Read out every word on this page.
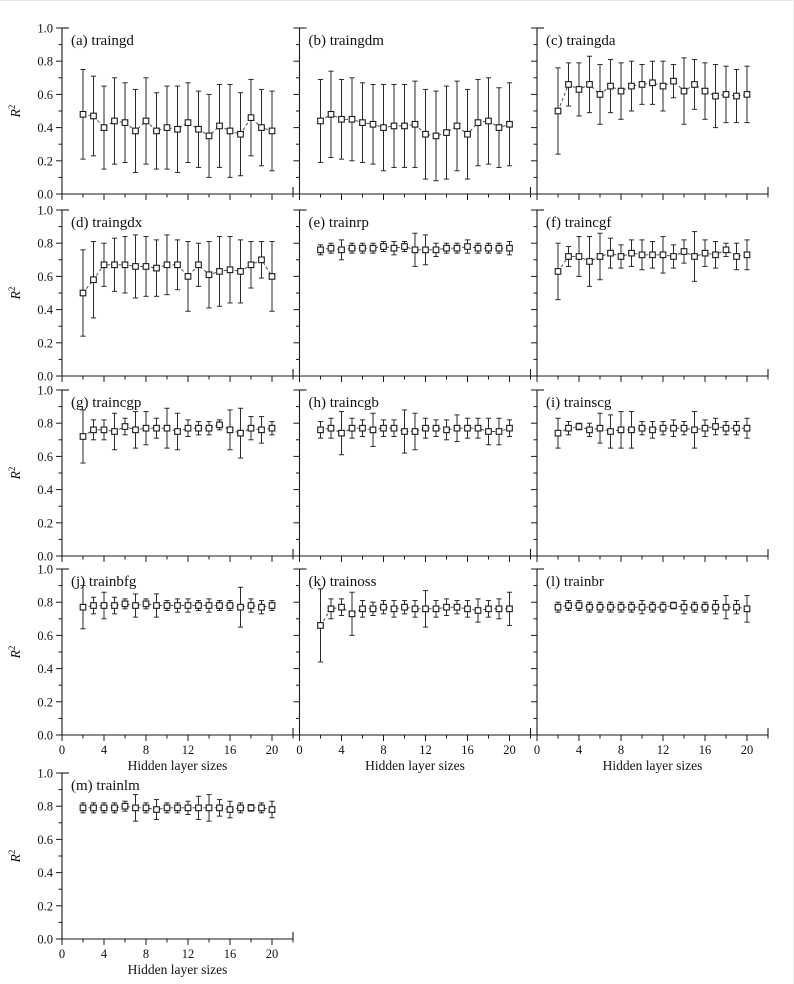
1.0
0.8
0.6
0.4
0.2
0.0
$R^2$
(a) traingd	(b) traingdm	(c) traingda
1.0
0.8
0.6
0.4
0.2
0.0
$R^2$
(d) traingdx	(e) trainrp	(f) traincgf
1.0
0.8
0.6
0.4
0.2
0.0
$R^2$
(g) traincgp	(h) traincgb	(i) trainscg
1.0
0.8
0.6
0.4
0.2
0.0
$R^2$
0	4	8	12 16 20
Hidden layer sizes
(j) trainbfg
0	4	8	12 16 20
Hidden layer sizes
(k) trainoss
0	4	8	12 16 20
Hidden layer sizes
(l) trainbr
1.0
0.8
0.6
0.4
0.2
0.0
$R^2$
0	4	8	12 16 20
Hidden layer sizes
(m) trainlm
